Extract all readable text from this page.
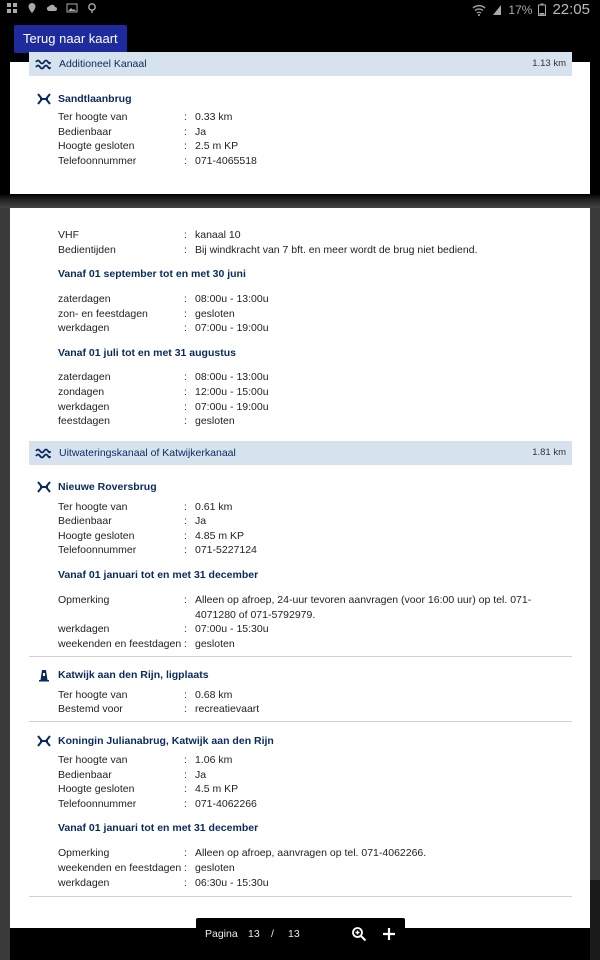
17% 22:05
Terug naar kaart
Additioneel Kanaal	1.13 km
Sandtlaanbrug
Ter hoogte van	: 0.33 km
Bedienbaar	: Ja
Hoogte gesloten	: 2.5 m KP
Telefoonnummer	: 071-4065518
VHF	: kanaal 10
Bedientijden	: Bij windkracht van 7 bft. en meer wordt de brug niet bediend.
Vanaf 01 september tot en met 30 juni
zaterdagen	: 08:00u - 13:00u
zon- en feestdagen	: gesloten
werkdagen	: 07:00u - 19:00u
Vanaf 01 juli tot en met 31 augustus
zaterdagen	: 08:00u - 13:00u
zondagen	: 12:00u - 15:00u
werkdagen	: 07:00u - 19:00u
feestdagen	: gesloten
Uitwateringskanaal of Katwijkerkanaal	1.81 km
Nieuwe Roversbrug
Ter hoogte van	: 0.61 km
Bedienbaar	: Ja
Hoogte gesloten	: 4.85 m KP
Telefoonnummer	: 071-5227124
Vanaf 01 januari tot en met 31 december
Opmerking	: Alleen op afroep, 24-uur tevoren aanvragen (voor 16:00 uur) op tel. 071-4071280 of 071-5792979.
werkdagen	: 07:00u - 15:30u
weekenden en feestdagen : gesloten
Katwijk aan den Rijn, ligplaats
Ter hoogte van	: 0.68 km
Bestemd voor	: recreatievaart
Koningin Julianabrug, Katwijk aan den Rijn
Ter hoogte van	: 1.06 km
Bedienbaar	: Ja
Hoogte gesloten	: 4.5 m KP
Telefoonnummer	: 071-4062266
Vanaf 01 januari tot en met 31 december
Opmerking	: Alleen op afroep, aanvragen op tel. 071-4062266.
weekenden en feestdagen : gesloten
werkdagen	: 06:30u - 15:30u
Pagina 13 / 13
